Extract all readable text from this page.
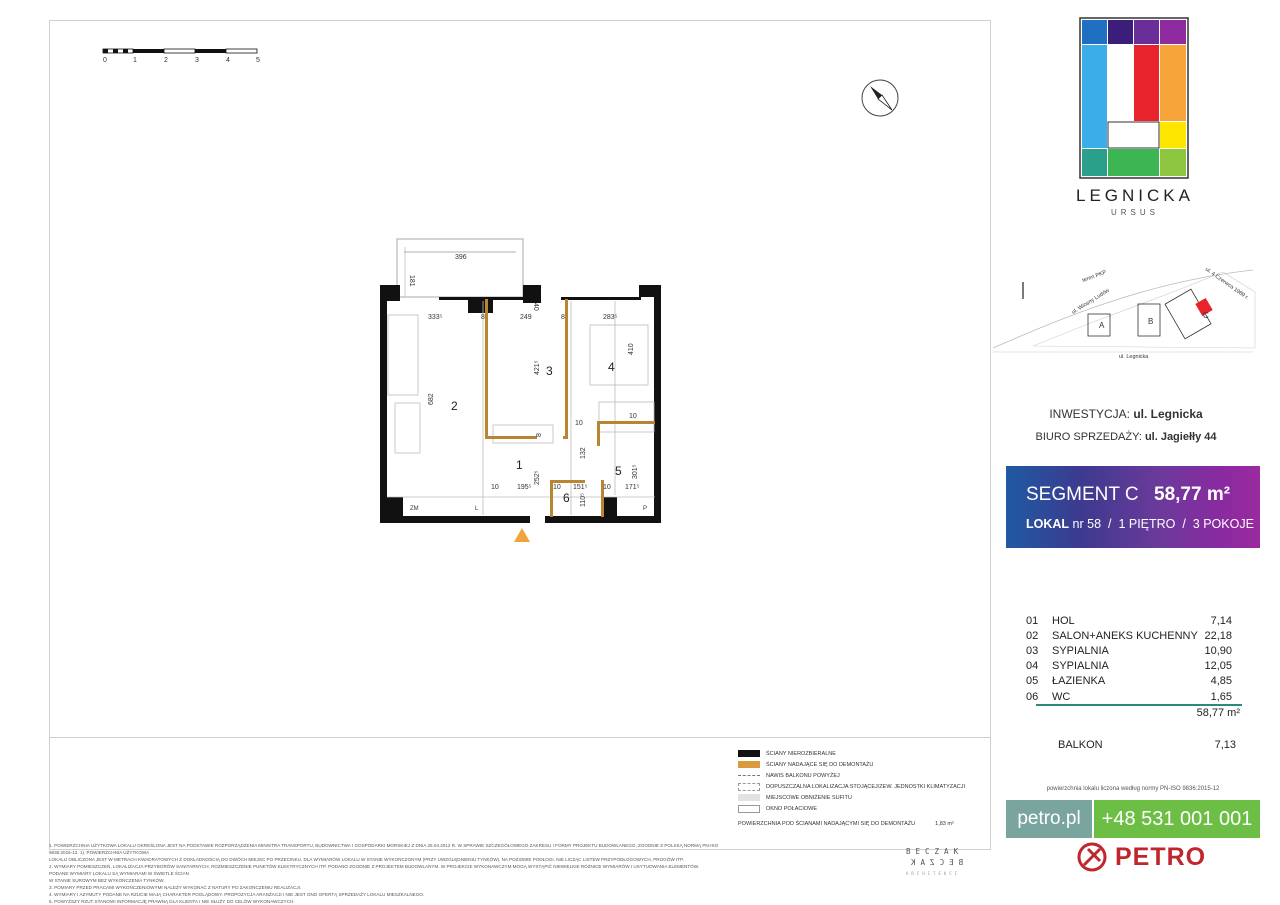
0	1	2	3	4	5
396
181
333⁵	8	249
40
8	283⁵
682
421⁵
410
10
8
132
252⁵	301⁵
10	195⁵	10 151⁵ 10 171⁵
110⁵
10
1
2
3	4
5
6
ZM	L	P
ŚCIANY NIEROZBIERALNE
ŚCIANY NADAJĄCE SIĘ DO DEMONTAŻU
NAWIS BALKONU POWYŻEJ
DOPUSZCZALNA LOKALIZACJA STOJĄCEJ/ZEW. JEDNOSTKI KLIMATYZACJI
MIEJSCOWE OBNIŻENIE SUFITU
OKNO POŁACIOWE
POWIERZCHNIA POD ŚCIANAMI NADAJĄCYMI SIĘ DO DEMONTAŻU	1,83 m²
1. POWIERZCHNIA UŻYTKOWA LOKALU OKREŚLONA JEST NA PODSTAWIE ROZPORZĄDZENIA MINISTRA TRANSPORTU, BUDOWNICTWA I GOSPODARKI MORSKIEJ Z DNIA 25.04.2012 R. W SPRAWIE SZCZEGÓŁOWEGO ZAKRESU I FORMY PROJEKTU BUDOWLANEGO, ZGODNIE Z POLSKĄ NORMĄ PN-ISO 9836:2015-12. 1). POWIERZCHNIA UŻYTKOWA
LOKALU OBLICZONA JEST W METRACH KWADRATOWYCH Z DOKŁADNOŚCIĄ DO DWÓCH MIEJSC PO PRZECINKU. DLA WYMIARÓW LOKALU W STANIE WYKOŃCZONYM (PRZY UWZGLĘDNIENIU TYNKÓW), NA POZIOMIE PODŁOGI, NIE LICZĄC LISTEW PRZYPODŁOGOWYCH, PROGÓW ITP.
2. WYMIARY POMIESZCZEŃ, LOKALIZACJA PRZYBORÓW SANITARNYCH, ROZMIESZCZENIE PUNKTÓW ELEKTRYCZNYCH ITP. PODANO ZGODNIE Z PROJEKTEM BUDOWLANYM. W PROJEKCIE WYKONAWCZYM MOGĄ WYSTĄPIĆ NIEWIELKIE RÓŻNICE WYMIARÓW I USYTUOWANIA ELEMENTÓW. PODANE WYMIARY LOKALU SĄ WYMIARAMI W ŚWIETLE ŚCIAN
W STANIE SUROWYM BEZ WYKOŃCZENIA TYNKÓW.
3. POMIARY PRZED PRACAMI WYKOŃCZENIOWYMI NALEŻY WYKONAĆ Z NATURY PO ZAKOŃCZENIU REALIZACJI.
4. WYMIARY I AZYMUTY PODANE NA RZUCIE MAJĄ CHARAKTER POGLĄDOWY. PROPOZYCJA ARANŻACJI I NIE JEST ONO OFERTĄ SPRZEDAŻY LOKALU MIESZKALNEGO.
5. POWYŻSZY RZUT STANOWI INFORMACJĘ PRAWNĄ DLA KLIENTA I NIE SŁUŻY DO CELÓW WYKONAWCZYCH.
BECZAK
BECZAK
ARCHITEKCI
LEGNICKA
URSUS
teren PKP
ul. Wiosny Ludów
ul. 4 Czerwca 1989 r.
ul. Legnicka
A	B
C
INWESTYCJA: ul. Legnicka
BIURO SPRZEDAŻY: ul. Jagiełły 44
SEGMENT C 58,77 m²
LOKAL nr 58 / 1 PIĘTRO / 3 POKOJE
01	HOL	7,14
02	SALON+ANEKS KUCHENNY	22,18
03	SYPIALNIA	10,90
04	SYPIALNIA	12,05
05	ŁAZIENKA	4,85
06	WC	1,65
58,77 m²
BALKON	7,13
powierzchnia lokalu liczona według normy PN-ISO 9836:2015-12
petro.pl	+48 531 001 001
PETRO
